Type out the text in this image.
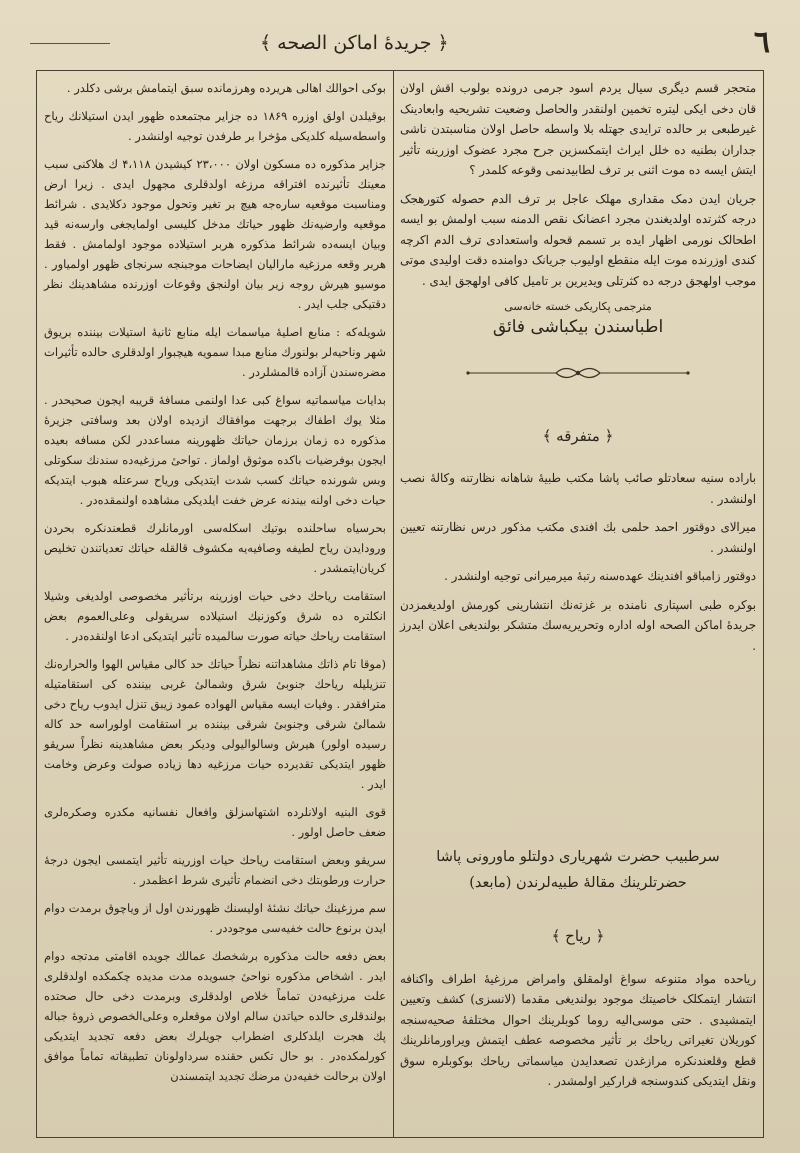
٦
﴿ جريدهٔ اماكن الصحه ﴾

متحجر قسم دیگری سیال یردم اسود جرمی درونده بولوب اقش اولان قان دخی ایکی لیتره تخمین اولنقدر والحاصل وضعیت تشریحیه وابعادینک غیرطبعی بر حالده ترایدی جهتله بلا واسطه حاصل اولان مناسبتدن ناشی جداران بطنیه ده خلل ایراث ایتمکسزین جرح مجرد عضوک اوزرینه تأثیر ایتش ایسه ده موت اثنی بر ترف لطابیدنمی وقوعه کلمدر ؟

جریان ایدن دمک مقداری مهلک عاجل بر ترف الدم حصوله کتورهجک درجه کثرتده اولدیغندن مجرد اعضانک نقص الدمنه سبب اولمش بو ایسه اطحالک نورمی اظهار ایده بر تسمم قحوله واستعدادی ترف الدم اکرچه کندی اوزرنده موت ایله منقطع اولیوب جریانک دوامنده دقت اولیدی موتی موجب اولهجق درجه ده کثرتلی ویدیرین بر تامیل کافی اولهجق ایدی .

مترجمی پکاریکی خسته خانه‌سی
اطباسندن بیکباشی فائق
﴿ متفرقه ﴾

باراده سنیه سعادتلو صائب پاشا مکتب طبیهٔ شاهانه نظارتنه وکالهٔ نصب اولنشدر .

میرالای دوقتور احمد حلمی بك افندی مکتب مذکور درس نظارتنه تعیین اولنشدر .

دوقتور زامباقو افندینك عهده‌سنه رتبهٔ میرمیرانی توجیه اولنشدر .

بوکره طبی اسپتاری نامنده بر غزته‌نك انتشارینی کورمش اولدیغمزدن جریدهٔ اماکن الصحه اوله اداره وتحریریه‌سك متشکر بولندیغی اعلان ایدرز .

سرطبیب حضرت شهریاری دولتلو ماورونی پاشا
حضرتلرینك مقالهٔ طبیه‌لرندن (مابعد)
﴿ ریاح ﴾

ریاحده مواد متنوعه سواغ اولمقلق وامراض مرزغیهٔ اطراف واکنافه انتشار ایتمکلک خاصیتك موجود بولندیغی مقدما (لانسزی) کشف وتعیین ایتمشیدی . حتی موسی‌الیه روما کوبلرینك احوال مختلفهٔ صحیه‌سنجه کوریلان تغیراتی ریاحك بر تأثیر مخصوصه عطف ایتمش ویراورمانلرینك قطع وقلعندنکره مرازغدن تصعدایدن میاسماتی ریاحك بوکوبلره سوق ونقل ایتدیکی کندوسنجه قرارکیر اولمشدر .

بوکی احوالك اهالی هریرده وهرزمانده سبق ایتمامش برشی دکلدر .

بوقیلدن اولق اوزره ۱۸۶۹ ده جزایر مجتمعده ظهور ایدن استیلانك ریاح واسطه‌سیله کلدیکی مؤخرا بر طرفدن توجیه اولنشدر .

جزایر مذکوره ده مسکون اولان ۲۳،۰۰۰ کیشیدن ۴،۱۱۸ ك هلاکنی سبب معینك تأثیرنده افتراقه مرزغه اولدقلری مجهول ایدی . زیرا ارض ومناسبت موقعیه ساره‌جه هیچ بر تغیر وتحول موجود دکلایدی . شرائط موقعیه وارضیه‌نك ظهور حیاتك مدخل کلیسی اولمایجغی وارسه‌نه قید وبیان ایسه‌ده شرائط مذکوره هربر استیلاده موجود اولمامش . فقط هربر وقعه مرزغیه مارالیان ایضاحات موجبنجه سرنجای ظهور اولمیاور . موسیو هیرش روجه زیر بیان اولنجق وقوعات اوزرنده مشاهدینك نظر دقتیکی جلب ایدر .

شویله‌که : منابع اصلیهٔ میاسمات ایله منابع ثانیهٔ استیلات بیننده بریوق شهر وناحیه‌لر بولنورك منابع مبدا سمویه هیچبوار اولدقلری حالده تأثیرات مضره‌سندن آزاده قالمشلردر .

بدایات میاسماتیه سواغ کبی عدا اولنمی مسافهٔ قریبه ایجون صحیحدر . مثلا یوك اطفاك برجهت موافقاك ازدیده اولان بعد وسافتی جزیرهٔ مذکوره ده زمان برزمان حیاتك ظهورینه مساعددر لکن مسافه بعیده ایجون بوفرضیات باکده موثوق اولماز . تواحیٔ مرزغیه‌ده سندنك سکوتلی وبس شورنده حیاتك کسب شدت ایتدیکی وریاح سرعتله هبوب ایتدیکه حیات دخی اولنه بیندنه عرض خفت ایلدیکی مشاهده اولنمقده‌در .

بحرسیاه ساحلنده بوتیك اسکله‌سی اورمانلرك قطعندنکره بحردن ورودایدن ریاح لطیفه وصافیه‌یه مکشوف قالقله حیاتك تعدیاتندن تخلیص کریان‌ایتمشدر .

استقامت ریاحك دخی حیات اوزرینه برتأثیر مخصوصی اولدیغی وشیلا انکلتره ده شرق وکوزنیك استیلاده سریقولی وعلی‌العموم بعض استقامت ریاحك حیاته صورت سالمیده تأثیر ایتدیکی ادعا اولنقده‌در .

(موقا تام ذاتك مشاهداتنه نظراً حیاتك حد کالی مقیاس الهوا والحراره‌نك تنزیلیله ریاحك جنوبیٔ شرق وشمالیٔ غربی بیننده کی استقامتیله مترافقدر . وفیات ایسه مقیاس الهواده عمود زیبق تنزل ایدوب ریاح دخی شمالیٔ شرقی وجنوبیٔ شرقی بیننده بر استقامت اولوراسه حد کاله رسیده اولور) هیرش وسالوالیولی ودیکر بعض مشاهدینه نظراً سریقو ظهور ایتدیکی تقدیرده حیات مرزغیه دها زیاده صولت وعرض وخامت ایدر .

قوی البنیه اولانلرده اشتهاسزلق وافعال نفسانیه مکدره وصکره‌لری ضعف حاصل اولور .

سریقو وبعض استقامت ریاحك حیات اوزرینه تأثیر ایتمسی ایجون درجهٔ حرارت ورطوبتك دخی انضمام تأثیری شرط اعظمدر .

سم مرزغینك حیاتك نشئهٔ اولیسنك ظهورندن اول از ویاچوق برمدت دوام ایدن برنوع حالت خفیه‌سی موجوددر .

بعض دفعه حالت مذکوره برشخصك عمالك جویده اقامتی مدتجه دوام ایدر . اشخاص مذکوره نواحیٔ جسویده مدت مدیده چکمکده اولدقلری علت مرزغیه‌دن تماماً خلاص اولدقلری وبرمدت دخی حال صحتده بولندقلری حالده حیاتدن سالم اولان موقعلره وعلی‌الخصوص ذروهٔ جباله پك هجرت ایلدکلری اضطراب جویلرك بعض دفعه تجدید ایتدیکی کورلمکده‌در . بو حال تکس حقنده سرداولونان تطبیقاته تماماً موافق اولان برحالت خفیه‌دن مرضك تجدید ایتمسندن
